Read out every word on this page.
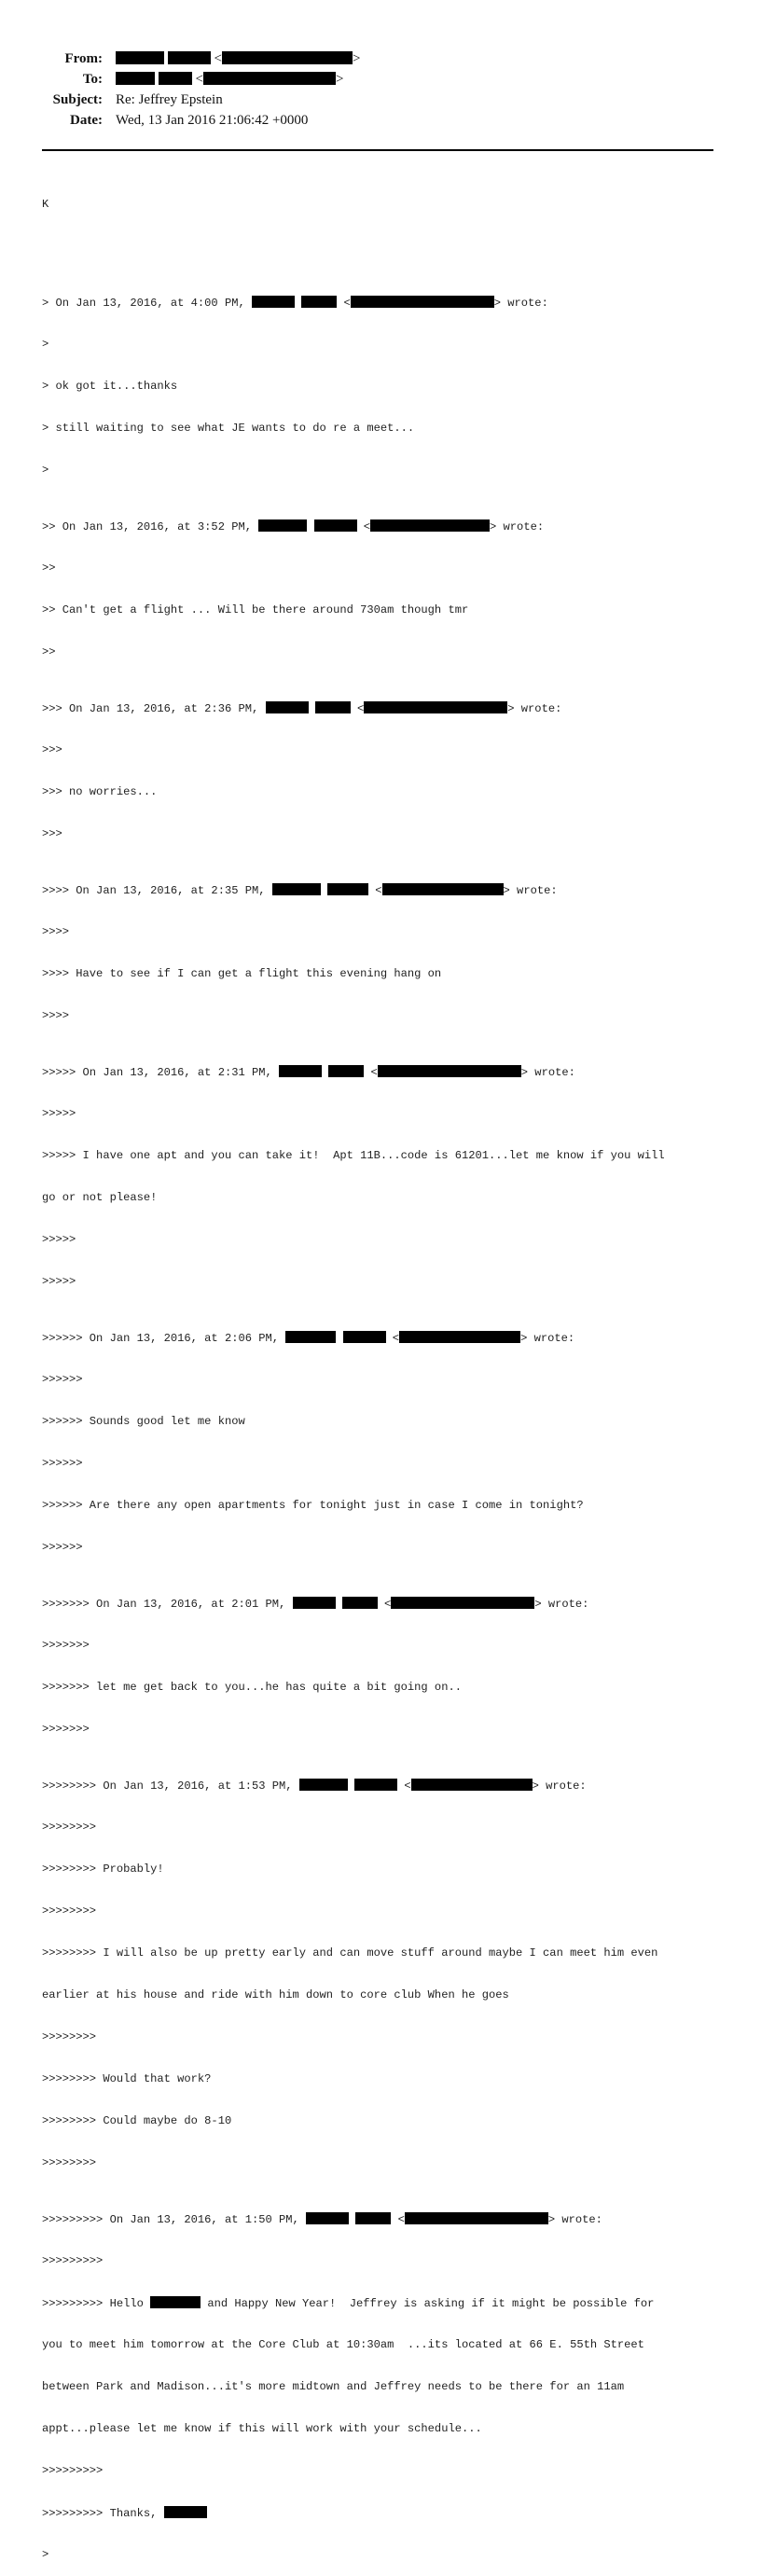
From:	<	>
To:	<	>
Subject: Re: Jeffrey Epstein
Date: Wed, 13 Jan 2016 21:06:42 +0000

K

> On Jan 13, 2016, at 4:00 PM,	<	> wrote:

>

> ok got it...thanks

> still waiting to see what JE wants to do re a meet...

>

>> On Jan 13, 2016, at 3:52 PM,	<	> wrote:

>>

>> Can't get a flight ... Will be there around 730am though tmr

>>

>>> On Jan 13, 2016, at 2:36 PM,	<	> wrote:

>>>

>>> no worries...

>>>

>>>> On Jan 13, 2016, at 2:35 PM,	<	> wrote:

>>>>

>>>> Have to see if I can get a flight this evening hang on

>>>>

>>>>> On Jan 13, 2016, at 2:31 PM,	<	> wrote:

>>>>>

>>>>> I have one apt and you can take it!  Apt 11B...code is 61201...let me know if you will

go or not please!

>>>>>

>>>>>

>>>>>> On Jan 13, 2016, at 2:06 PM,	<	> wrote:

>>>>>>

>>>>>> Sounds good let me know

>>>>>>

>>>>>> Are there any open apartments for tonight just in case I come in tonight?

>>>>>>

>>>>>>> On Jan 13, 2016, at 2:01 PM,	<	> wrote:

>>>>>>>

>>>>>>> let me get back to you...he has quite a bit going on..

>>>>>>>

>>>>>>>> On Jan 13, 2016, at 1:53 PM,	<	> wrote:

>>>>>>>>

>>>>>>>> Probably!

>>>>>>>>

>>>>>>>> I will also be up pretty early and can move stuff around maybe I can meet him even

earlier at his house and ride with him down to core club When he goes

>>>>>>>>

>>>>>>>> Would that work?

>>>>>>>> Could maybe do 8-10

>>>>>>>>

>>>>>>>>> On Jan 13, 2016, at 1:50 PM,	<	> wrote:

>>>>>>>>>

>>>>>>>>> Hello	and Happy New Year!  Jeffrey is asking if it might be possible for

you to meet him tomorrow at the Core Club at 10:30am  ...its located at 66 E. 55th Street

between Park and Madison...it's more midtown and Jeffrey needs to be there for an 11am

appt...please let me know if this will work with your schedule...

>>>>>>>>>

>>>>>>>>> Thanks,

>
